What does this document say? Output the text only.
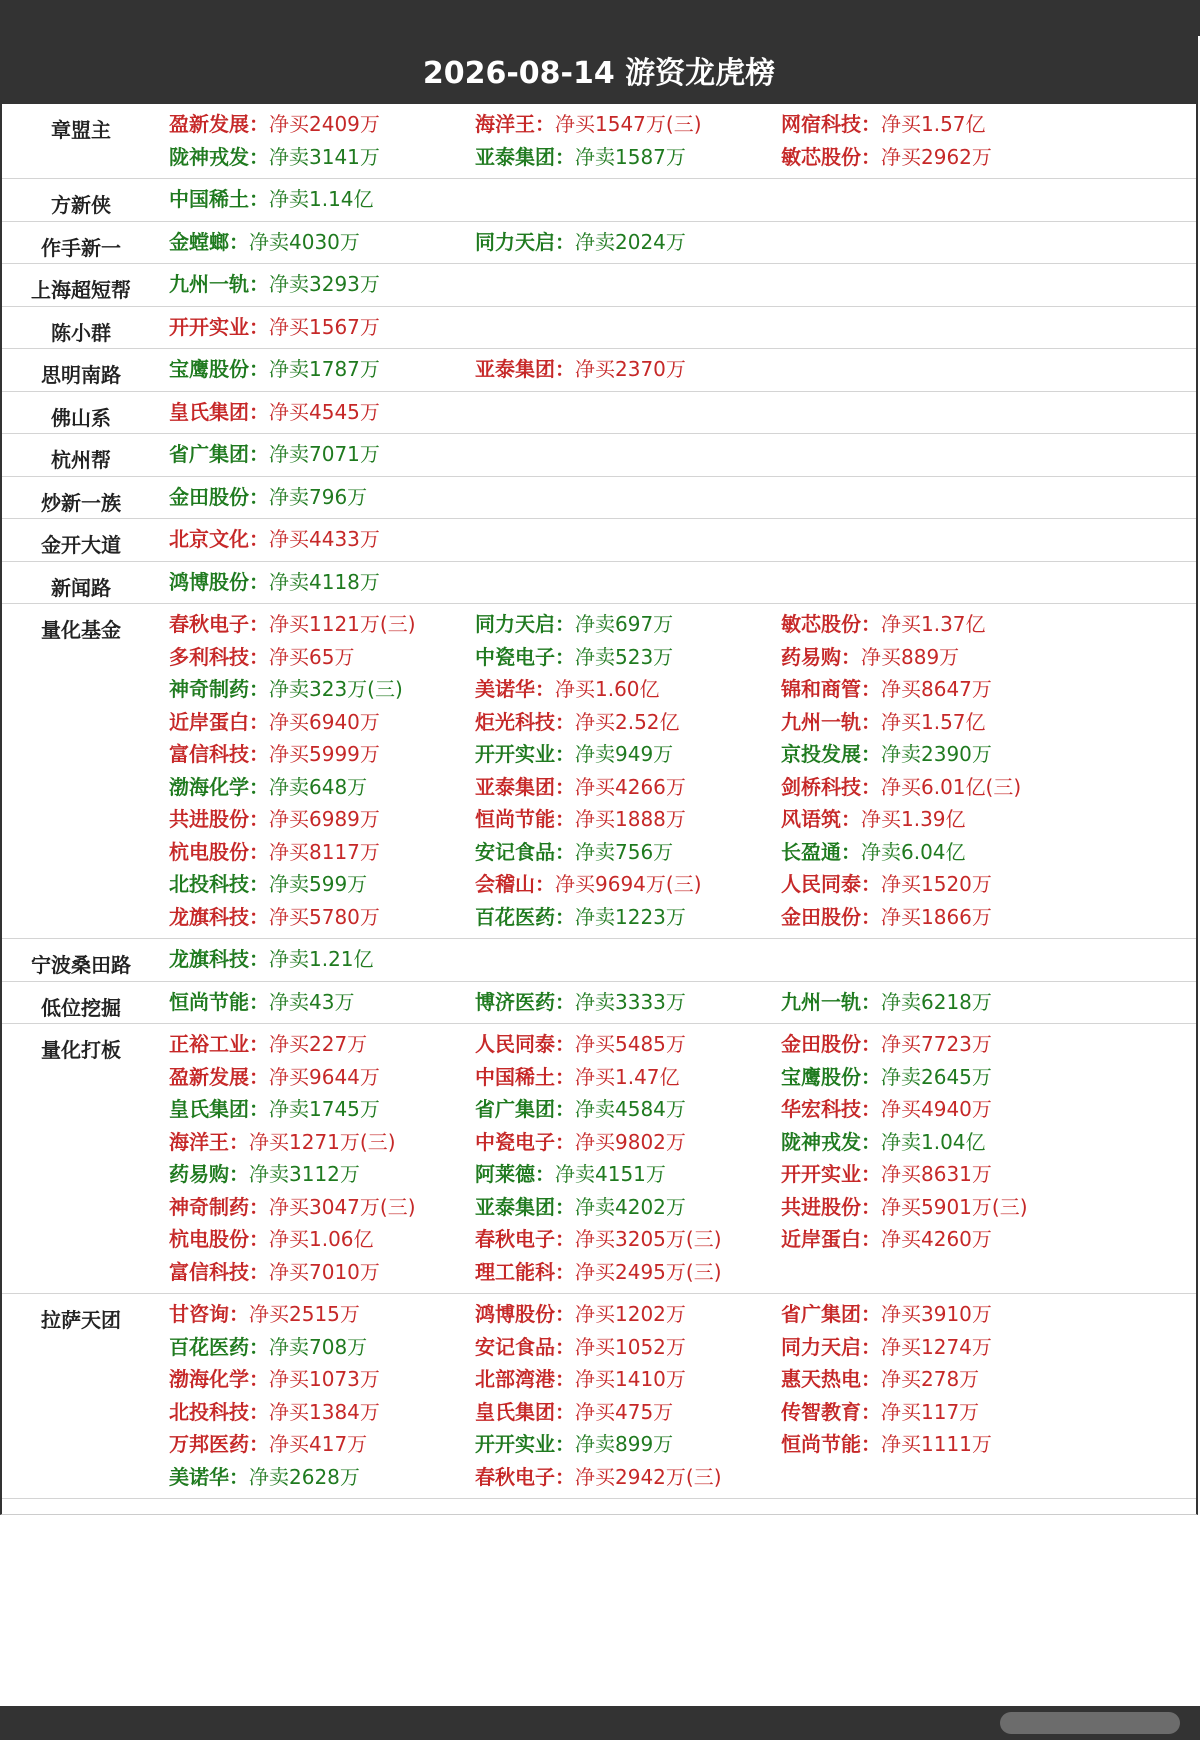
2026-08-14 游资龙虎榜
章盟主	盈新发展：净买2409万	海洋王：净买1547万(三)	网宿科技：净买1.57亿
陇神戎发：净卖3141万	亚泰集团：净卖1587万	敏芯股份：净买2962万
方新侠	中国稀土：净卖1.14亿
作手新一	金螳螂：净卖4030万	同力天启：净卖2024万
上海超短帮	九州一轨：净卖3293万
陈小群	开开实业：净买1567万
思明南路	宝鹰股份：净卖1787万	亚泰集团：净买2370万
佛山系	皇氏集团：净买4545万
杭州帮	省广集团：净卖7071万
炒新一族	金田股份：净卖796万
金开大道	北京文化：净买4433万
新闻路	鸿博股份：净卖4118万
量化基金	春秋电子：净买1121万(三)	同力天启：净卖697万	敏芯股份：净买1.37亿
多利科技：净买65万	中瓷电子：净卖523万	药易购：净买889万
神奇制药：净卖323万(三)	美诺华：净买1.60亿	锦和商管：净买8647万
近岸蛋白：净买6940万	炬光科技：净买2.52亿	九州一轨：净买1.57亿
富信科技：净买5999万	开开实业：净卖949万	京投发展：净卖2390万
渤海化学：净卖648万	亚泰集团：净买4266万	剑桥科技：净买6.01亿(三)
共进股份：净买6989万	恒尚节能：净买1888万	风语筑：净买1.39亿
杭电股份：净买8117万	安记食品：净卖756万	长盈通：净卖6.04亿
北投科技：净卖599万	会稽山：净买9694万(三)	人民同泰：净买1520万
龙旗科技：净买5780万	百花医药：净卖1223万	金田股份：净买1866万
宁波桑田路	龙旗科技：净卖1.21亿
低位挖掘	恒尚节能：净卖43万	博济医药：净卖3333万	九州一轨：净卖6218万
量化打板	正裕工业：净买227万	人民同泰：净买5485万	金田股份：净买7723万
盈新发展：净买9644万	中国稀土：净买1.47亿	宝鹰股份：净卖2645万
皇氏集团：净卖1745万	省广集团：净卖4584万	华宏科技：净买4940万
海洋王：净买1271万(三)	中瓷电子：净买9802万	陇神戎发：净卖1.04亿
药易购：净卖3112万	阿莱德：净卖4151万	开开实业：净买8631万
神奇制药：净买3047万(三)	亚泰集团：净卖4202万	共进股份：净买5901万(三)
杭电股份：净买1.06亿	春秋电子：净买3205万(三)	近岸蛋白：净买4260万
富信科技：净买7010万	理工能科：净买2495万(三)
拉萨天团	甘咨询：净买2515万	鸿博股份：净买1202万	省广集团：净买3910万
百花医药：净卖708万	安记食品：净买1052万	同力天启：净买1274万
渤海化学：净买1073万	北部湾港：净买1410万	惠天热电：净买278万
北投科技：净买1384万	皇氏集团：净买475万	传智教育：净买117万
万邦医药：净买417万	开开实业：净卖899万	恒尚节能：净买1111万
美诺华：净卖2628万	春秋电子：净买2942万(三)
